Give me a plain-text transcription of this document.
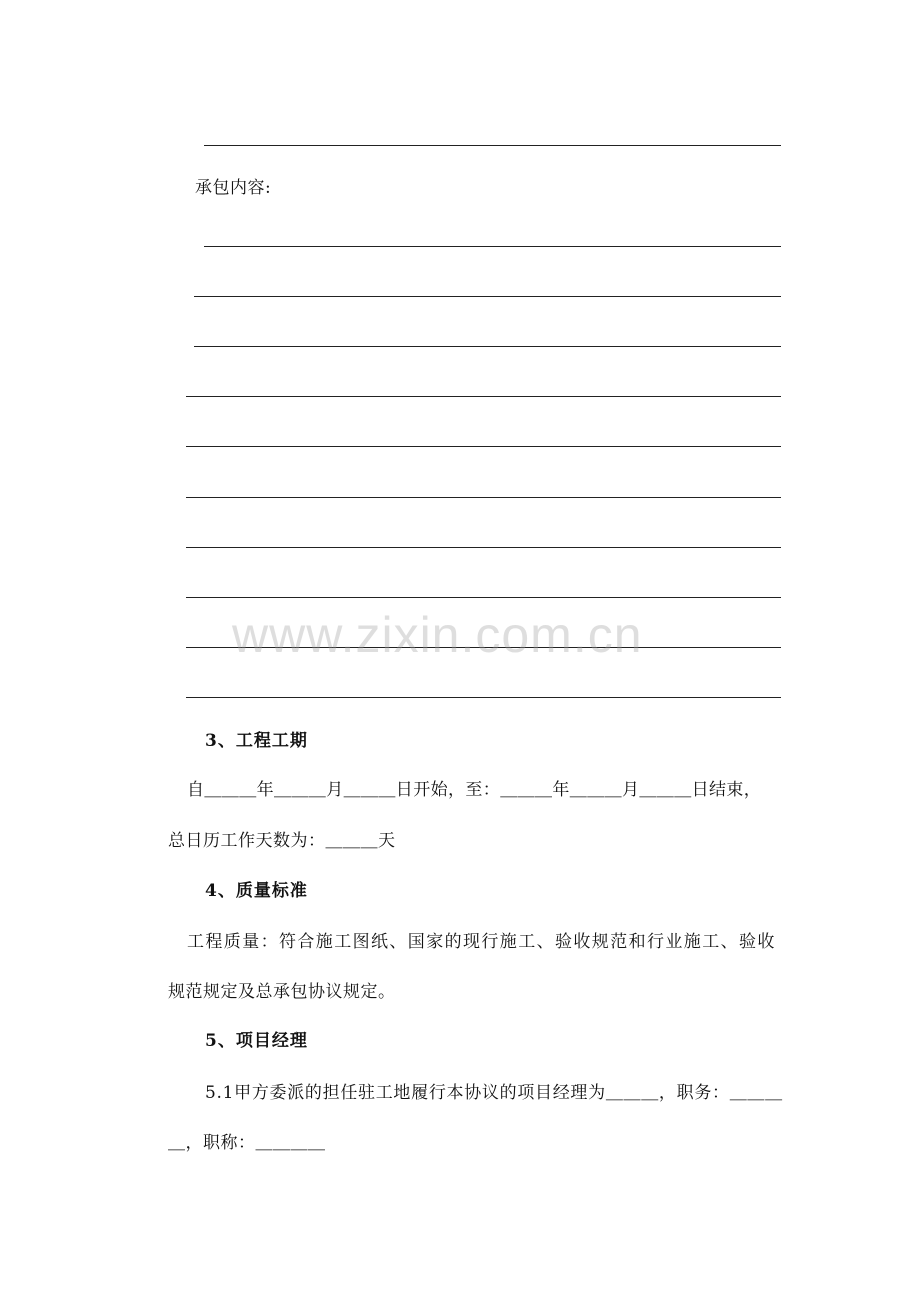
承包内容:
www.zixin.com.cn
3、工程工期
自＿＿＿年＿＿＿月＿＿＿日开始，至：＿＿＿年＿＿＿月＿＿＿日结束，
总日历工作天数为：＿＿＿天
4、质量标准
工程质量：符合施工图纸、国家的现行施工、验收规范和行业施工、验收
规范规定及总承包协议规定。
5、项目经理
5.1甲方委派的担任驻工地履行本协议的项目经理为＿＿＿，职务：＿＿＿
＿，职称：＿＿＿＿
